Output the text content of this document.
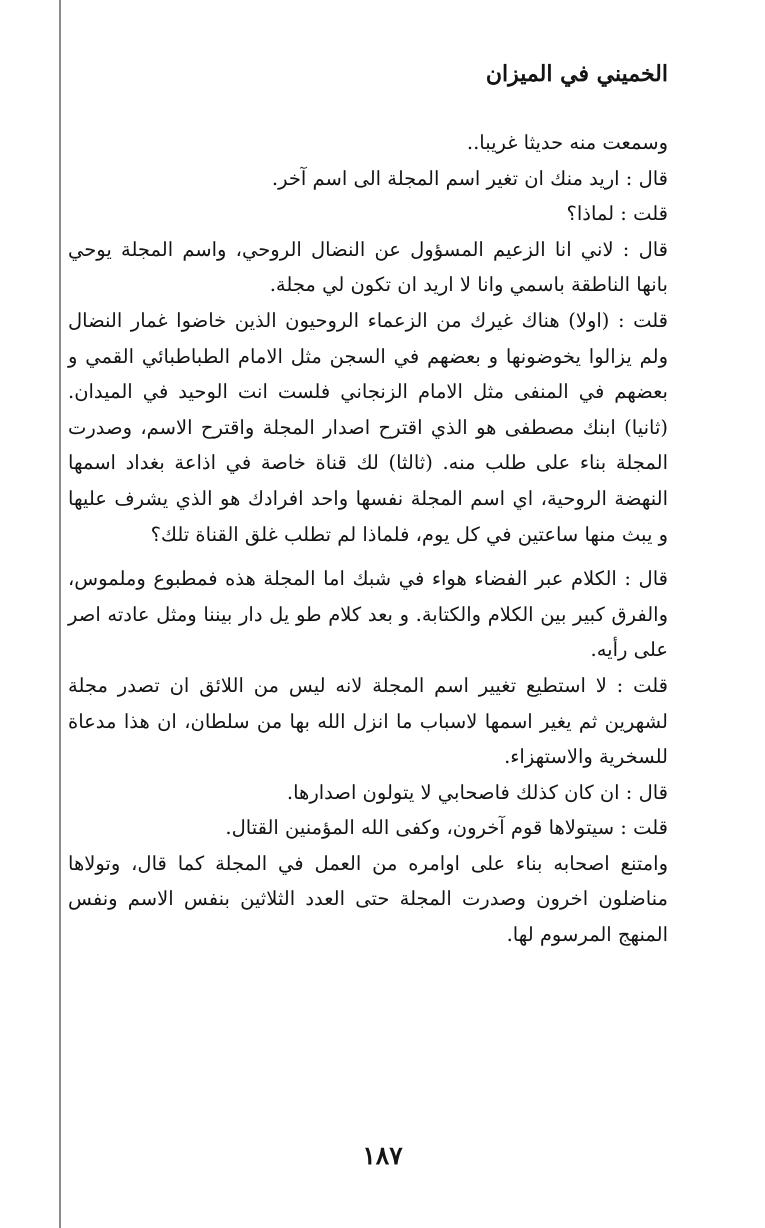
الخميني في الميزان

وسمعت منه حديثا غريبا..

قال : اريد منك ان تغير اسم المجلة الى اسم آخر.

قلت : لماذا؟

قال : لاني انا الزعيم المسؤول عن النضال الروحي، واسم المجلة يوحي بانها الناطقة باسمي وانا لا اريد ان تكون لي مجلة.

قلت : (اولا) هناك غيرك من الزعماء الروحيون الذين خاضوا غمار النضال ولم يزالوا يخوضونها و بعضهم في السجن مثل الامام الطباطبائي القمي و بعضهم في المنفى مثل الامام الزنجاني فلست انت الوحيد في الميدان. (ثانيا) ابنك مصطفى هو الذي اقترح اصدار المجلة واقترح الاسم، وصدرت المجلة بناء على طلب منه. (ثالثا) لك قناة خاصة في اذاعة بغداد اسمها النهضة الروحية، اي اسم المجلة نفسها واحد افرادك هو الذي يشرف عليها و يبث منها ساعتين في كل يوم، فلماذا لم تطلب غلق القناة تلك؟

قال : الكلام عبر الفضاء هواء في شبك اما المجلة هذه فمطبوع وملموس، والفرق كبير بين الكلام والكتابة. و بعد كلام طو يل دار بيننا ومثل عادته اصر على رأيه.

قلت : لا استطيع تغيير اسم المجلة لانه ليس من اللائق ان تصدر مجلة لشهرين ثم يغير اسمها لاسباب ما انزل الله بها من سلطان، ان هذا مدعاة للسخرية والاستهزاء.

قال : ان كان كذلك فاصحابي لا يتولون اصدارها.

قلت : سيتولاها قوم آخرون، وكفى الله المؤمنين القتال.

وامتنع اصحابه بناء على اوامره من العمل في المجلة كما قال، وتولاها مناضلون اخرون وصدرت المجلة حتى العدد الثلاثين بنفس الاسم ونفس المنهج المرسوم لها.

١٨٧
